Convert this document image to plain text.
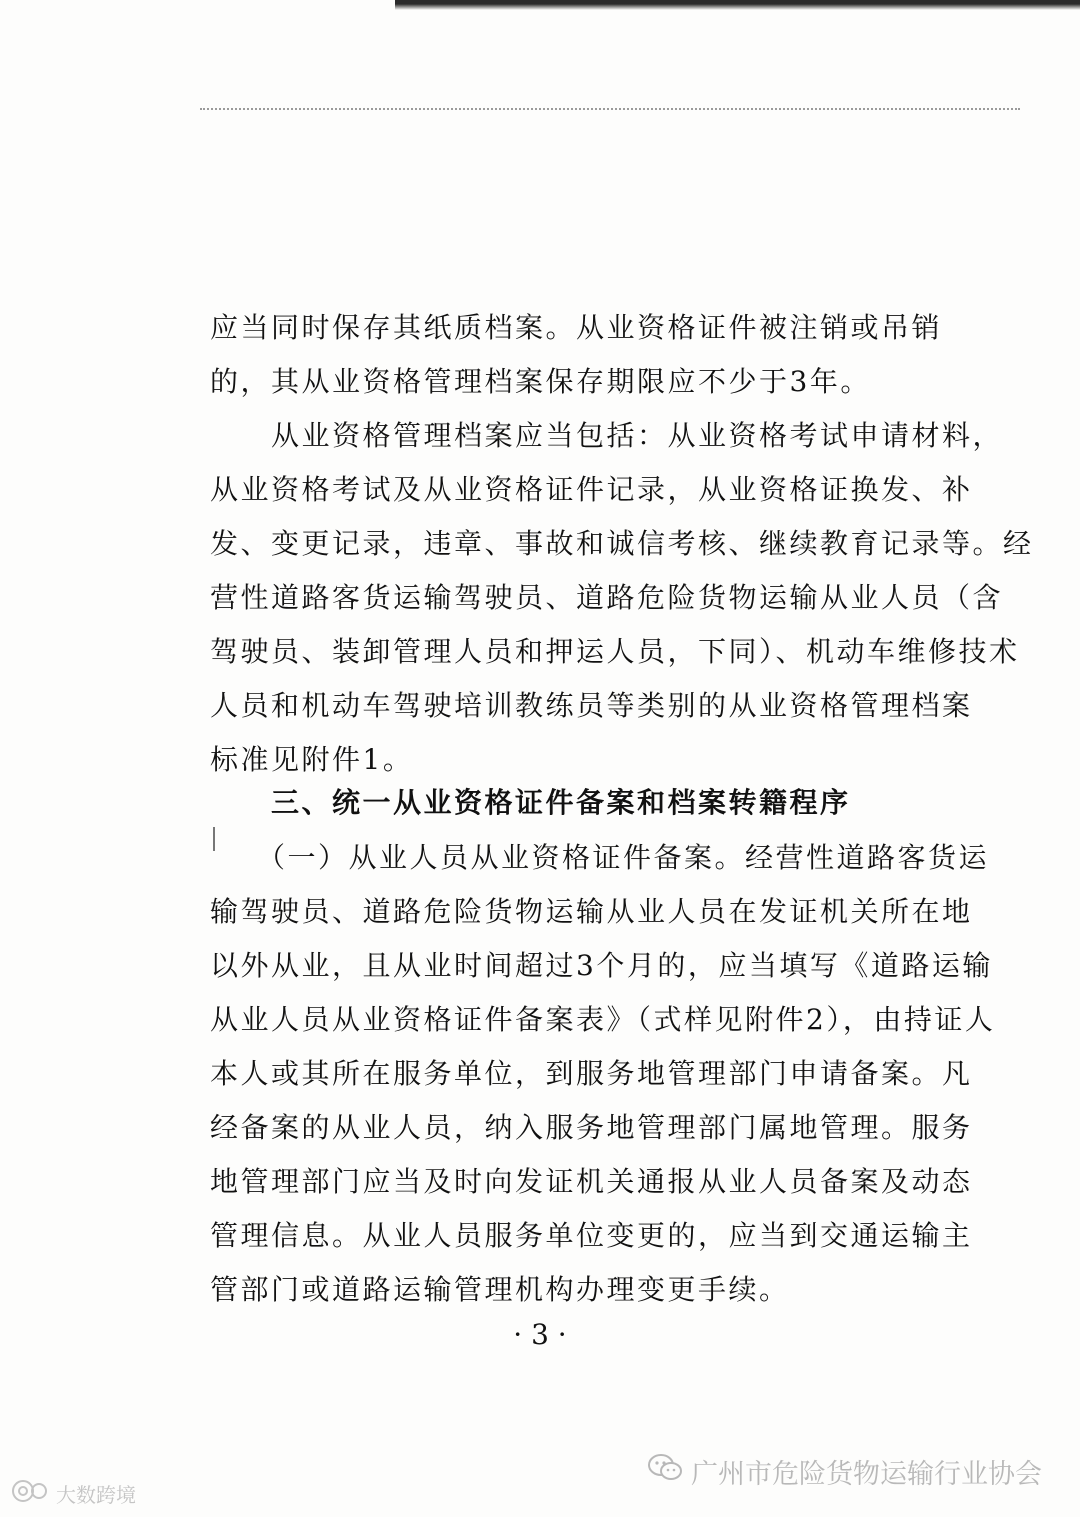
应当同时保存其纸质档案。从业资格证件被注销或吊销
的，其从业资格管理档案保存期限应不少于3年。
　　从业资格管理档案应当包括：从业资格考试申请材料，
从业资格考试及从业资格证件记录，从业资格证换发、补
发、变更记录，违章、事故和诚信考核、继续教育记录等。经
营性道路客货运输驾驶员、道路危险货物运输从业人员（含
驾驶员、装卸管理人员和押运人员，下同）、机动车维修技术
人员和机动车驾驶培训教练员等类别的从业资格管理档案
标准见附件1。
　　三、统一从业资格证件备案和档案转籍程序
　　（一）从业人员从业资格证件备案。经营性道路客货运
输驾驶员、道路危险货物运输从业人员在发证机关所在地
以外从业，且从业时间超过3个月的，应当填写《道路运输
从业人员从业资格证件备案表》（式样见附件2），由持证人
本人或其所在服务单位，到服务地管理部门申请备案。凡
经备案的从业人员，纳入服务地管理部门属地管理。服务
地管理部门应当及时向发证机关通报从业人员备案及动态
管理信息。从业人员服务单位变更的，应当到交通运输主
管部门或道路运输管理机构办理变更手续。
· 3 ·
广州市危险货物运输行业协会
大数跨境
